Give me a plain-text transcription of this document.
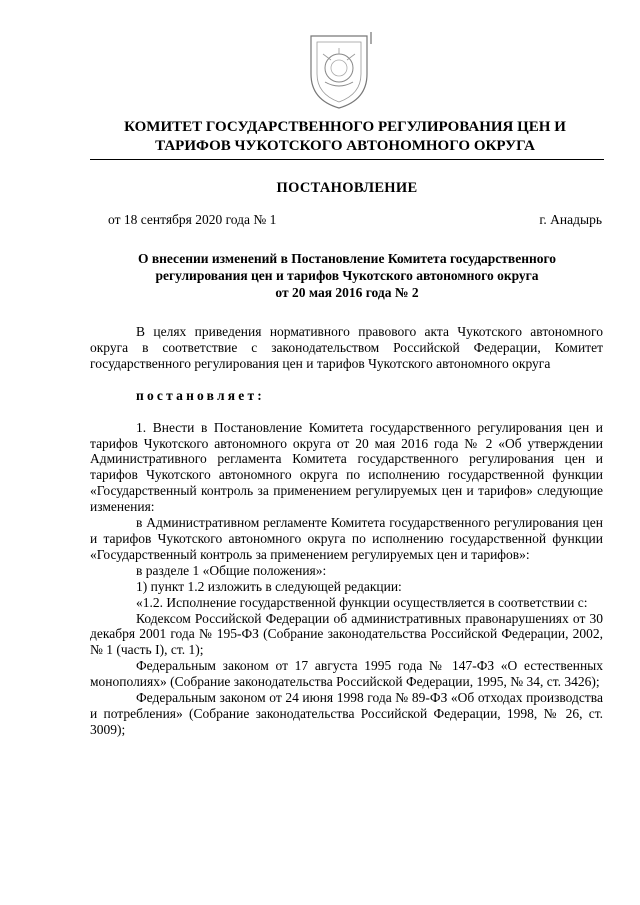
КОМИТЕТ ГОСУДАРСТВЕННОГО РЕГУЛИРОВАНИЯ ЦЕН И
ТАРИФОВ ЧУКОТСКОГО АВТОНОМНОГО ОКРУГА
ПОСТАНОВЛЕНИЕ
от 18 сентября 2020 года № 1	г. Анадырь
О внесении изменений в Постановление Комитета государственного
регулирования цен и тарифов Чукотского автономного округа
от 20 мая 2016 года № 2

В целях приведения нормативного правового акта Чукотского автономного округа в соответствие с законодательством Российской Федерации, Комитет государственного регулирования цен и тарифов Чукотского автономного округа

постановляет:

1. Внести в Постановление Комитета государственного регулирования цен и тарифов Чукотского автономного округа от 20 мая 2016 года № 2 «Об утверждении Административного регламента Комитета государственного регулирования цен и тарифов Чукотского автономного округа по исполнению государственной функции «Государственный контроль за применением регулируемых цен и тарифов» следующие изменения:

в Административном регламенте Комитета государственного регулирования цен и тарифов Чукотского автономного округа по исполнению государственной функции «Государственный контроль за применением регулируемых цен и тарифов»:

в разделе 1 «Общие положения»:

1) пункт 1.2 изложить в следующей редакции:

«1.2. Исполнение государственной функции осуществляется в соответствии с:

Кодексом Российской Федерации об административных правонарушениях от 30 декабря 2001 года № 195-ФЗ (Собрание законодательства Российской Федерации, 2002, № 1 (часть I), ст. 1);

Федеральным законом от 17 августа 1995 года № 147-ФЗ «О естественных монополиях» (Собрание законодательства Российской Федерации, 1995, № 34, ст. 3426);

Федеральным законом от 24 июня 1998 года № 89-ФЗ «Об отходах производства и потребления» (Собрание законодательства Российской Федерации, 1998, № 26, ст. 3009);
